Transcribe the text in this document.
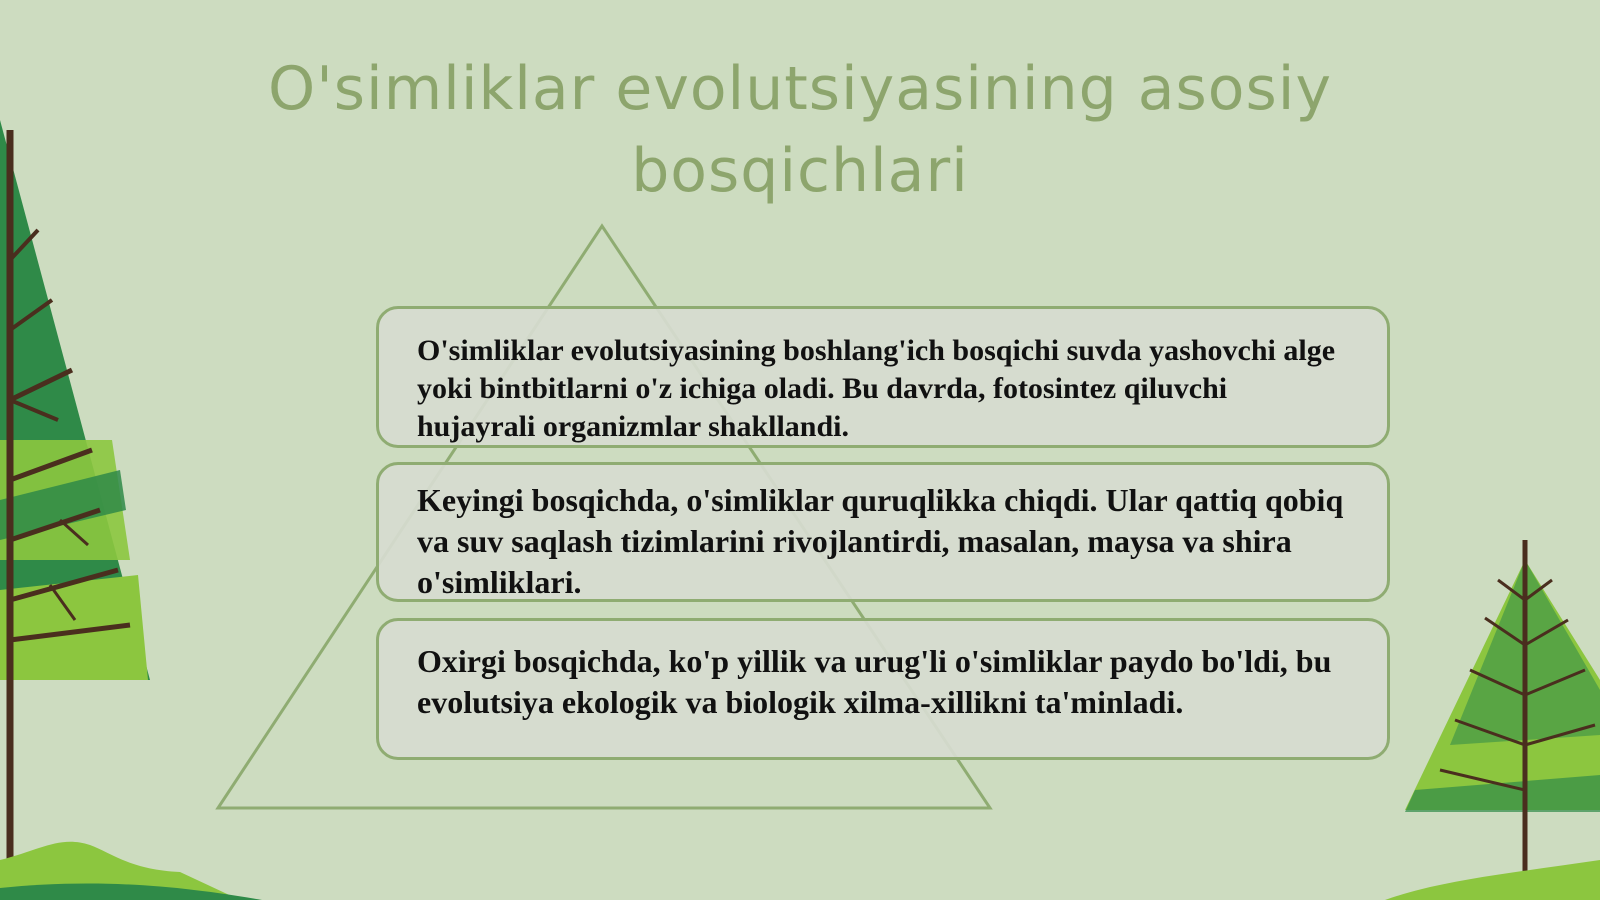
O'simliklar evolutsiyasining asosiy bosqichlari
O'simliklar evolutsiyasining boshlang'ich bosqichi suvda yashovchi alge yoki bintbitlarni o'z ichiga oladi. Bu davrda, fotosintez qiluvchi hujayrali organizmlar shakllandi.
Keyingi bosqichda, o'simliklar quruqlikka chiqdi. Ular qattiq qobiq va suv saqlash tizimlarini rivojlantirdi, masalan, maysa va shira o'simliklari.
Oxirgi bosqichda, ko'p yillik va urug'li o'simliklar paydo bo'ldi, bu evolutsiya ekologik va biologik xilma-xillikni ta'minladi.
